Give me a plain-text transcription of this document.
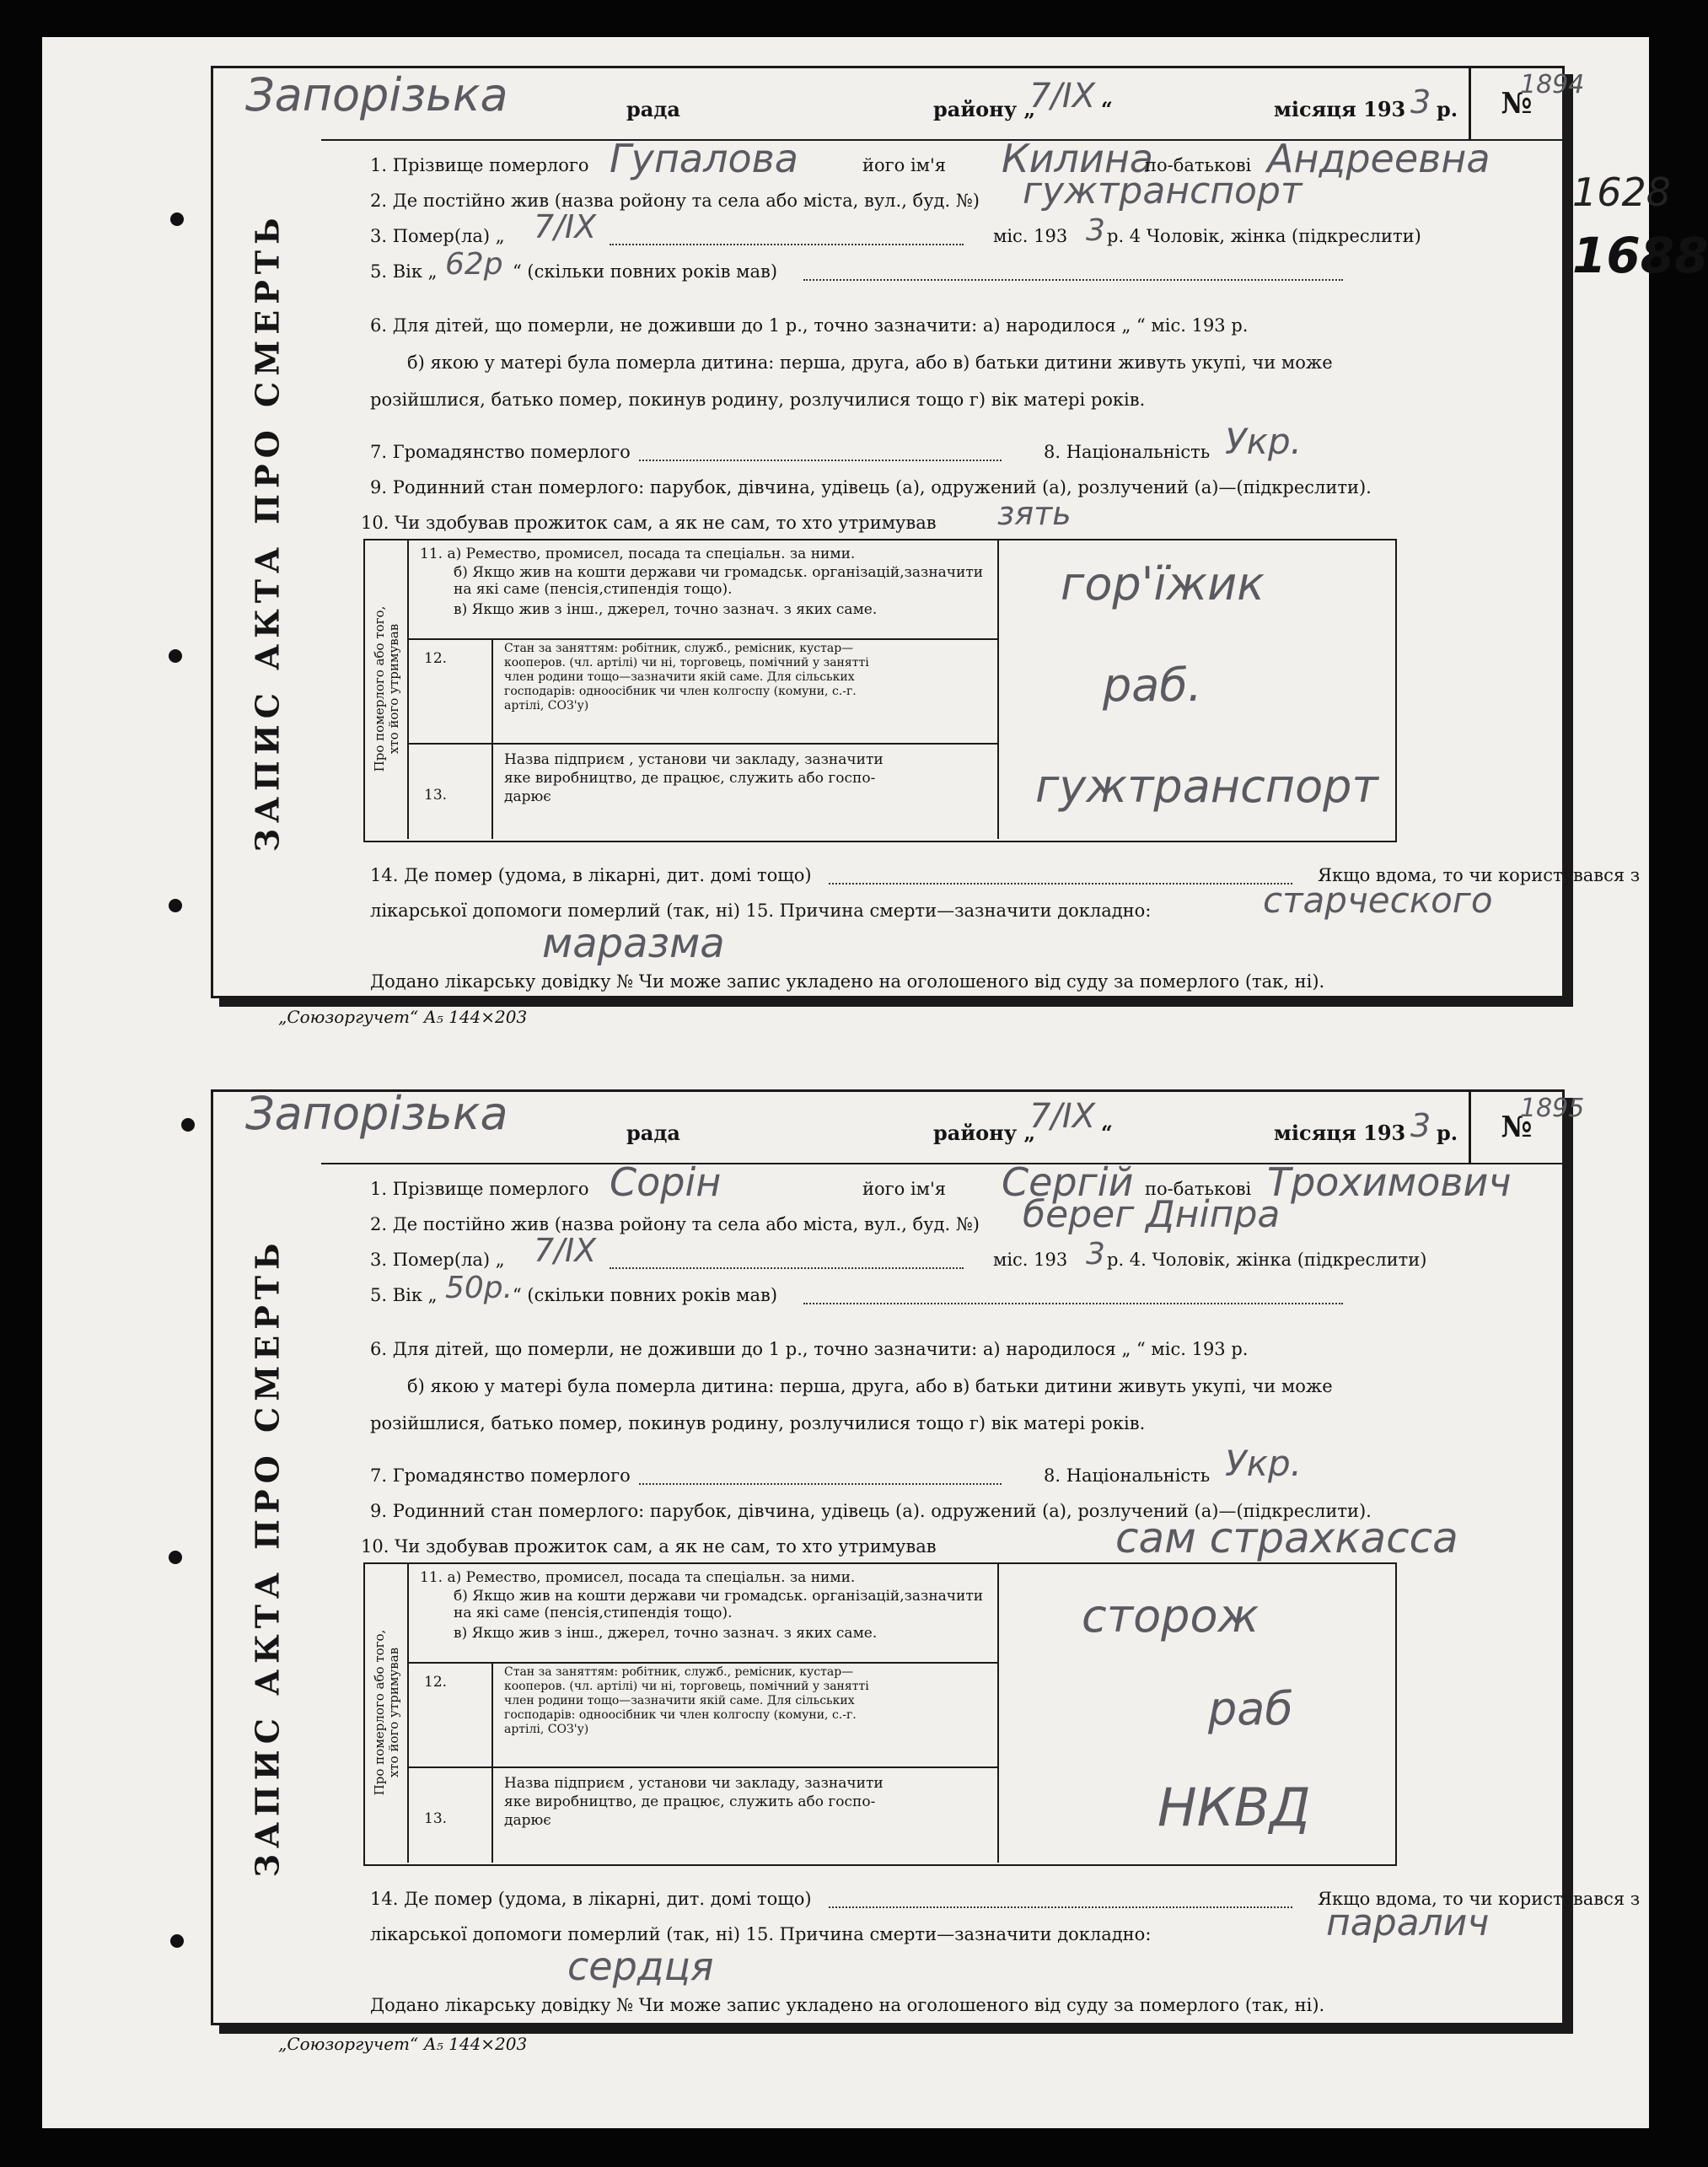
ЗАПИС АКТА ПРО СМЕРТЬ
Запорізька	рада	району „
7/IX “	місяця 193 3 р. №
1894
1. Прізвище померлого Гупалова	його ім'я Килина
по-батькові Андреевна
2. Де постійно жив (назва ройону та села або міста, вул., буд. №) гужтранспорт
3. Помер(ла) „ 7/IX	міс. 193 3 р. 4 Чоловік, жінка (підкреслити)
5. Вік „ 62р “ (скільки повних років мав)
6. Для дітей, що померли, не доживши до 1 р., точно зазначити: а) народилося „ “ міс. 193 р.
б) якою у матері була померла дитина: перша, друга, або в) батьки дитини живуть укупі, чи може
розійшлися, батько помер, покинув родину, розлучилися тощо г) вік матері років.
7. Громадянство померлого	8. Національність Укр.
9. Родинний стан померлого: парубок, дівчина, удівець (а), одружений (а), розлучений (а)—(підкреслити).
10. Чи здобував прожиток сам, а як не сам, то хто утримував зять
Про померлого або того,
хто його утримував
11. а) Ремество, промисел, посада та спеціальн. за ними.
б) Якщо жив на кошти держави чи громадськ. організацій,зазначити на які саме (пенсія,стипендія тощо).
в) Якщо жив з інш., джерел, точно зазнач. з яких саме.	гор'їжик
12.
Стан за заняттям: робітник, служб., ремісник, кустар—
кооперов. (чл. артілі) чи ні, торговець, помічний у занятті
член родини тощо—зазначити якій саме. Для сільських
господарів: одноосібник чи член колгоспу (комуни, с.-г.
артілі, СОЗ'у)	раб.
13.
Назва підприєм , установи чи закладу, зазначити
яке виробництво, де працює, служить або госпо-
дарює	гужтранспорт
14. Де помер (удома, в лікарні, дит. домі тощо)	Якщо вдома, то чи користувався з
лікарської допомоги померлий (так, ні) 15. Причина смерти—зазначити докладно:	старческого
маразма
Додано лікарську довідку № Чи може запис укладено на оголошеного від суду за померлого (так, ні).
1628
1688
„Союзоргучет“ А₅ 144×203
ЗАПИС АКТА ПРО СМЕРТЬ
Запорізька	рада	району „
7/IX “	місяця 193 3 р. №
1895
1. Прізвище померлого Сорін	його ім'я Сергій по-батькові Трохимович
2. Де постійно жив (назва ройону та села або міста, вул., буд. №) берег Дніпра
3. Помер(ла) „ 7/IX	міс. 193 3 р. 4. Чоловік, жінка (підкреслити)
5. Вік „ 50р. “ (скільки повних років мав)
6. Для дітей, що померли, не доживши до 1 р., точно зазначити: а) народилося „ “ міс. 193 р.
б) якою у матері була померла дитина: перша, друга, або в) батьки дитини живуть укупі, чи може
розійшлися, батько помер, покинув родину, розлучилися тощо г) вік матері років.
7. Громадянство померлого	8. Національність Укр.
9. Родинний стан померлого: парубок, дівчина, удівець (а). одружений (а), розлучений (а)—(підкреслити).
10. Чи здобував прожиток сам, а як не сам, то хто утримував	сам страхкасса
Про померлого або того,
хто його утримував
11. а) Ремество, промисел, посада та спеціальн. за ними.
б) Якщо жив на кошти держави чи громадськ. організацій,зазначити на які саме (пенсія,стипендія тощо).
в) Якщо жив з інш., джерел, точно зазнач. з яких саме.	сторож
12.
Стан за заняттям: робітник, служб., ремісник, кустар—
кооперов. (чл. артілі) чи ні, торговець, помічний у занятті
член родини тощо—зазначити якій саме. Для сільських
господарів: одноосібник чи член колгоспу (комуни, с.-г.
артілі, СОЗ'у)	раб
13.
Назва підприєм , установи чи закладу, зазначити
яке виробництво, де працює, служить або госпо-
дарює	НКВД
14. Де помер (удома, в лікарні, дит. домі тощо)	Якщо вдома, то чи користувався з
лікарської допомоги померлий (так, ні) 15. Причина смерти—зазначити докладно:	паралич
сердця
Додано лікарську довідку № Чи може запис укладено на оголошеного від суду за померлого (так, ні).
„Союзоргучет“ А₅ 144×203
